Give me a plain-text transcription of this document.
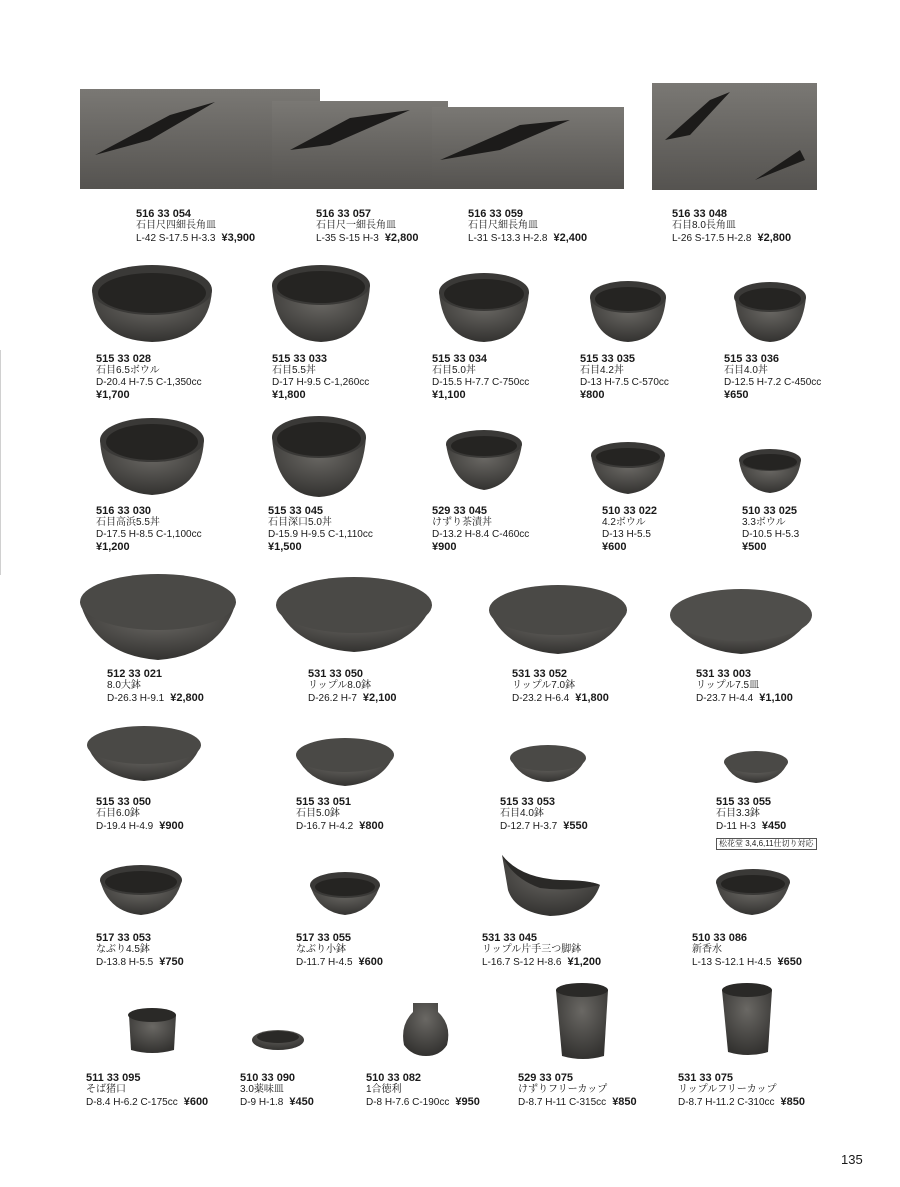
516 33 054
石目尺四細長角皿
L-42 S-17.5 H-3.3 ¥3,900
516 33 057
石目尺一細長角皿
L-35 S-15 H-3 ¥2,800
516 33 059
石目尺細長角皿
L-31 S-13.3 H-2.8 ¥2,400
516 33 048
石目8.0長角皿
L-26 S-17.5 H-2.8 ¥2,800
515 33 028
石目6.5ボウル
D-20.4 H-7.5 C-1,350cc
¥1,700
515 33 033
石目5.5丼
D-17 H-9.5 C-1,260cc
¥1,800
515 33 034
石目5.0丼
D-15.5 H-7.7 C-750cc
¥1,100
515 33 035
石目4.2丼
D-13 H-7.5 C-570cc
¥800
515 33 036
石目4.0丼
D-12.5 H-7.2 C-450cc
¥650
516 33 030
石目高浜5.5丼
D-17.5 H-8.5 C-1,100cc
¥1,200
515 33 045
石目深口5.0丼
D-15.9 H-9.5 C-1,110cc
¥1,500
529 33 045
けずり茶漬丼
D-13.2 H-8.4 C-460cc
¥900
510 33 022
4.2ボウル
D-13 H-5.5
¥600
510 33 025
3.3ボウル
D-10.5 H-5.3
¥500
512 33 021
8.0大鉢
D-26.3 H-9.1 ¥2,800
531 33 050
リップル8.0鉢
D-26.2 H-7 ¥2,100
531 33 052
リップル7.0鉢
D-23.2 H-6.4 ¥1,800
531 33 003
リップル7.5皿
D-23.7 H-4.4 ¥1,100
515 33 050
石目6.0鉢
D-19.4 H-4.9 ¥900
515 33 051
石目5.0鉢
D-16.7 H-4.2 ¥800
515 33 053
石目4.0鉢
D-12.7 H-3.7 ¥550
515 33 055
石目3.3鉢
D-11 H-3 ¥450
松花堂 3,4,6,11仕切り対応
517 33 053
なぶり4.5鉢
D-13.8 H-5.5 ¥750
517 33 055
なぶり小鉢
D-11.7 H-4.5 ¥600
531 33 045
リップル片手三つ脚鉢
L-16.7 S-12 H-8.6 ¥1,200
510 33 086
新香水
L-13 S-12.1 H-4.5 ¥650
511 33 095
そば猪口
D-8.4 H-6.2 C-175cc ¥600
510 33 090
3.0薬味皿
D-9 H-1.8 ¥450
510 33 082
1合徳利
D-8 H-7.6 C-190cc ¥950
529 33 075
けずりフリーカップ
D-8.7 H-11 C-315cc ¥850
531 33 075
リップルフリーカップ
D-8.7 H-11.2 C-310cc ¥850
135
